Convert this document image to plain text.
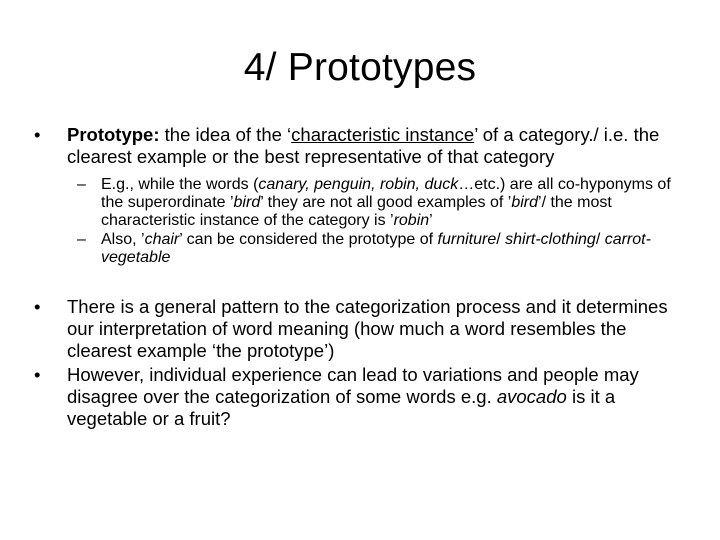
4/ Prototypes
•	Prototype: the idea of the ‘characteristic instance’ of a category./ i.e. the clearest example or the best representative of that category
– E.g., while the words (canary, penguin, robin, duck…etc.) are all co-hyponyms of the superordinate ’bird’ they are not all good examples of ’bird’/ the most characteristic instance of the category is ’robin’
– Also, ’chair’ can be considered the prototype of furniture/ shirt-clothing/ carrot-vegetable
•	There is a general pattern to the categorization process and it determines our interpretation of word meaning (how much a word resembles the clearest example ‘the prototype’)
•	However, individual experience can lead to variations and people may disagree over the categorization of some words e.g. avocado is it a vegetable or a fruit?
